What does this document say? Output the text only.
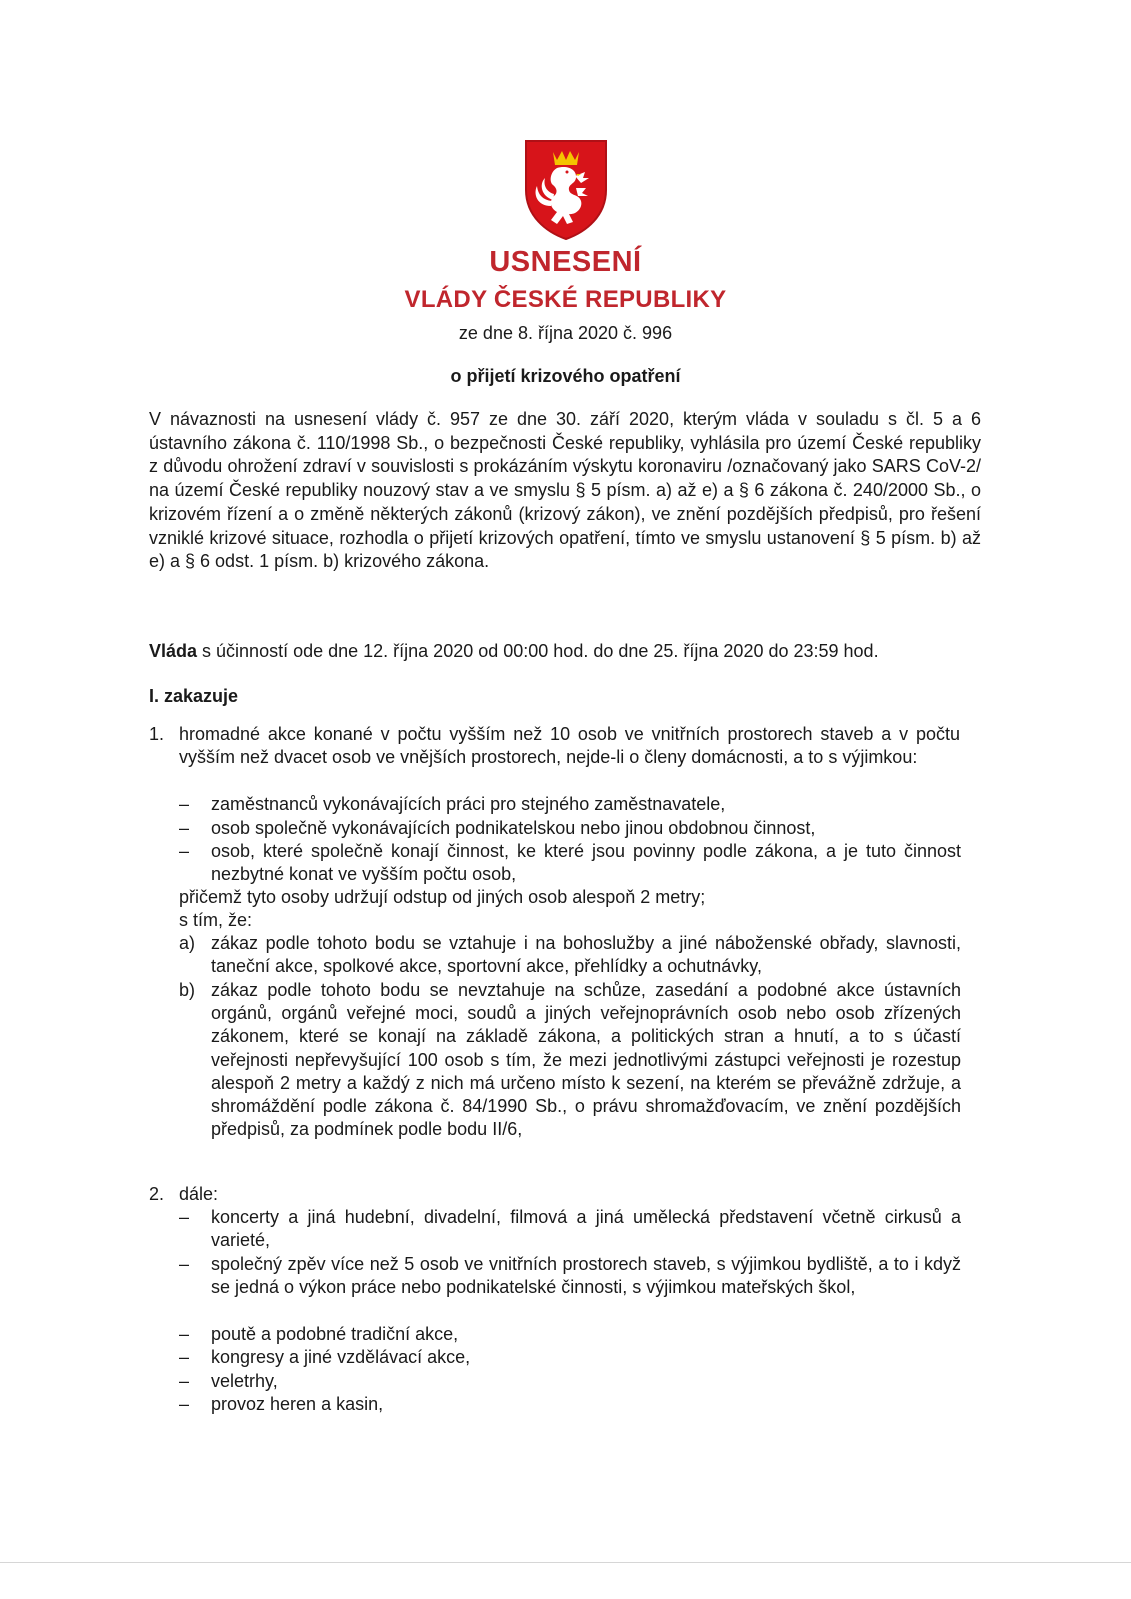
USNESENÍ
VLÁDY ČESKÉ REPUBLIKY
ze dne 8. října 2020 č. 996
o přijetí krizového opatření
V návaznosti na usnesení vlády č. 957 ze dne 30. září 2020, kterým vláda v souladu s čl. 5 a 6 ústavního zákona č. 110/1998 Sb., o bezpečnosti České republiky, vyhlásila pro území České republiky z důvodu ohrožení zdraví v souvislosti s prokázáním výskytu koronaviru /označovaný jako SARS CoV-2/ na území České republiky nouzový stav a ve smyslu § 5 písm. a) až e) a § 6 zákona č. 240/2000 Sb., o krizovém řízení a o změně některých zákonů (krizový zákon), ve znění pozdějších předpisů, pro řešení vzniklé krizové situace, rozhodla o přijetí krizových opatření, tímto ve smyslu ustanovení § 5 písm. b) až e) a § 6 odst. 1 písm. b) krizového zákona.
Vláda s účinností ode dne 12. října 2020 od 00:00 hod. do dne 25. října 2020 do 23:59 hod.
I. zakazuje
1. hromadné akce konané v počtu vyšším než 10 osob ve vnitřních prostorech staveb a v počtu vyšším než dvacet osob ve vnějších prostorech, nejde-li o členy domácnosti, a to s výjimkou:
– zaměstnanců vykonávajících práci pro stejného zaměstnavatele,
– osob společně vykonávajících podnikatelskou nebo jinou obdobnou činnost,
– osob, které společně konají činnost, ke které jsou povinny podle zákona, a je tuto činnost nezbytné konat ve vyšším počtu osob,
přičemž tyto osoby udržují odstup od jiných osob alespoň 2 metry;
s tím, že:
a) zákaz podle tohoto bodu se vztahuje i na bohoslužby a jiné náboženské obřady, slavnosti, taneční akce, spolkové akce, sportovní akce, přehlídky a ochutnávky,
b) zákaz podle tohoto bodu se nevztahuje na schůze, zasedání a podobné akce ústavních orgánů, orgánů veřejné moci, soudů a jiných veřejnoprávních osob nebo osob zřízených zákonem, které se konají na základě zákona, a politických stran a hnutí, a to s účastí veřejnosti nepřevyšující 100 osob s tím, že mezi jednotlivými zástupci veřejnosti je rozestup alespoň 2 metry a každý z nich má určeno místo k sezení, na kterém se převážně zdržuje, a shromáždění podle zákona č. 84/1990 Sb., o právu shromažďovacím, ve znění pozdějších předpisů, za podmínek podle bodu II/6,
2. dále:
– koncerty a jiná hudební, divadelní, filmová a jiná umělecká představení včetně cirkusů a varieté,
– společný zpěv více než 5 osob ve vnitřních prostorech staveb, s výjimkou bydliště, a to i když se jedná o výkon práce nebo podnikatelské činnosti, s výjimkou mateřských škol,
– poutě a podobné tradiční akce,
– kongresy a jiné vzdělávací akce,
– veletrhy,
– provoz heren a kasin,
